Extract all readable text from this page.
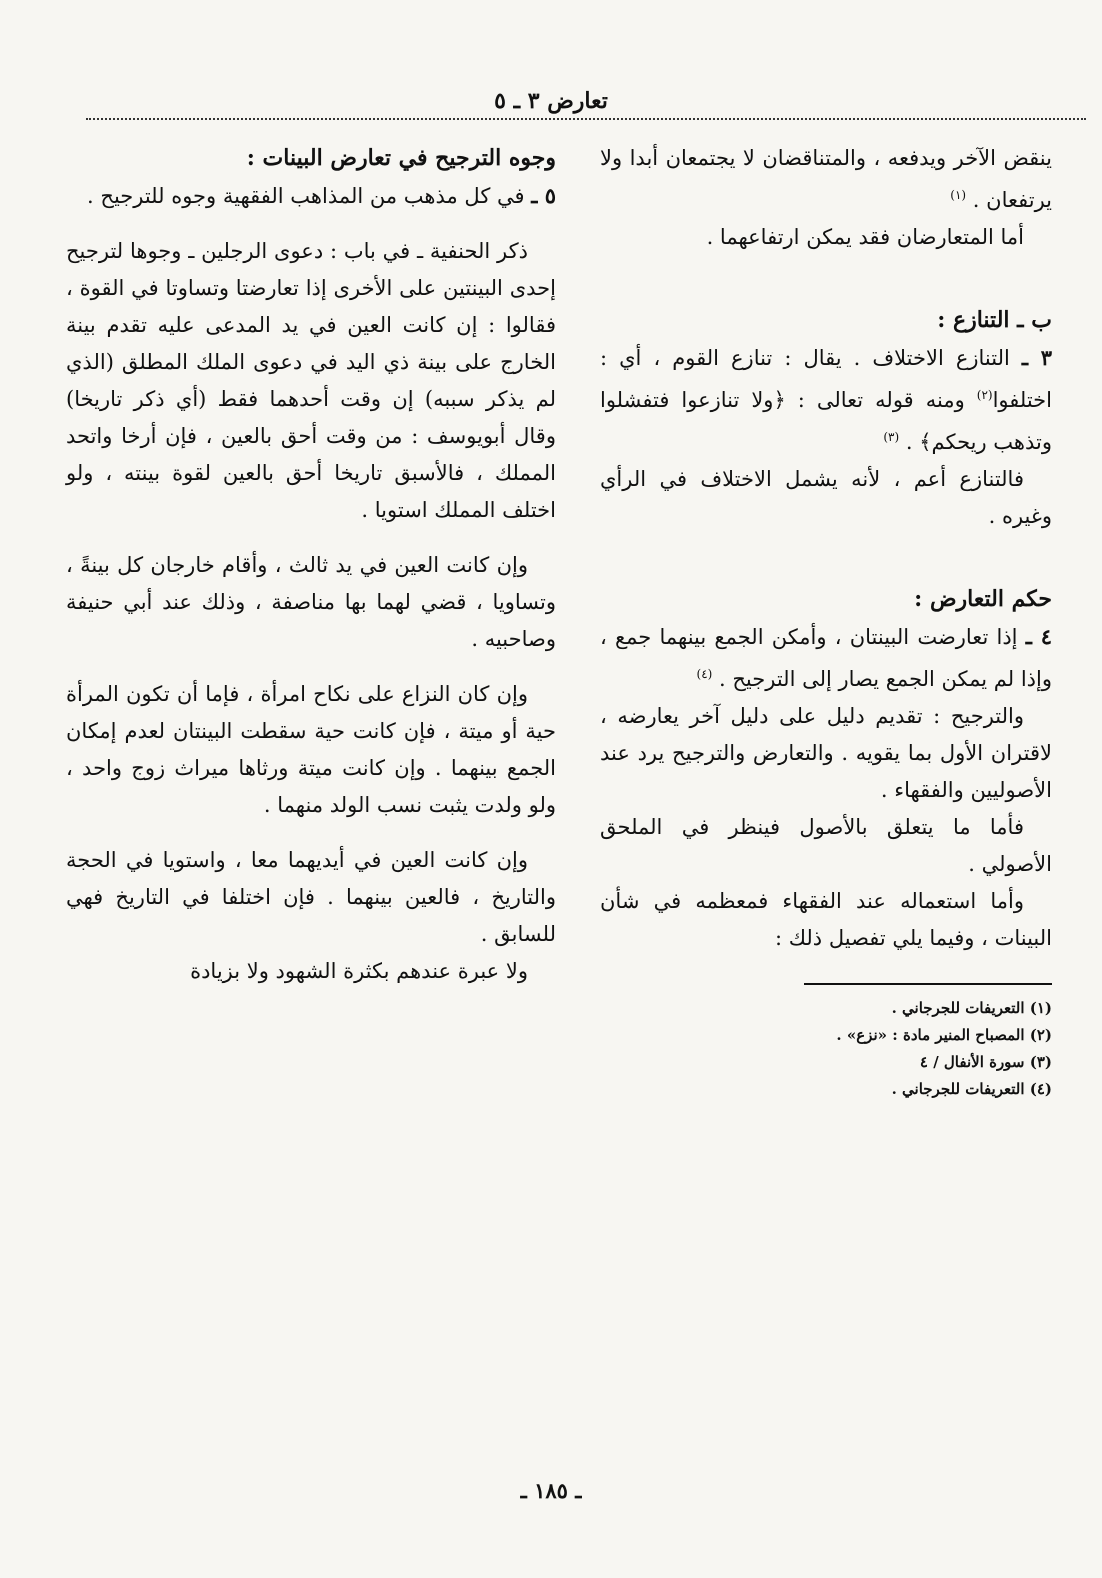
تعارض ٣ ـ ٥

ينقض الآخر ويدفعه ، والمتناقضان لا يجتمعان أبدا ولا يرتفعان . $^{(١)}$

أما المتعارضان فقد يمكن ارتفاعهما .

ب ـ التنازع :

٣ ـ التنازع الاختلاف . يقال : تنازع القوم ، أي : اختلفوا$^{(٢)}$ ومنه قوله تعالى : ﴿ولا تنازعوا فتفشلوا وتذهب ريحكم﴾ . $^{(٣)}$

فالتنازع أعم ، لأنه يشمل الاختلاف في الرأي وغيره .

حكم التعارض :

٤ ـ إذا تعارضت البينتان ، وأمكن الجمع بينهما جمع ، وإذا لم يمكن الجمع يصار إلى الترجيح . $^{(٤)}$

والترجيح : تقديم دليل على دليل آخر يعارضه ، لاقتران الأول بما يقويه . والتعارض والترجيح يرد عند الأصوليين والفقهاء .

فأما ما يتعلق بالأصول فينظر في الملحق الأصولي .

وأما استعماله عند الفقهاء فمعظمه في شأن البينات ، وفيما يلي تفصيل ذلك :

(١) التعريفات للجرجاني .

(٢) المصباح المنير مادة : «نزع» .

(٣) سورة الأنفال / ٤

(٤) التعريفات للجرجاني .

وجوه الترجيح في تعارض البينات :

٥ ـ في كل مذهب من المذاهب الفقهية وجوه للترجيح .

ذكر الحنفية ـ في باب : دعوى الرجلين ـ وجوها لترجيح إحدى البينتين على الأخرى إذا تعارضتا وتساوتا في القوة ، فقالوا : إن كانت العين في يد المدعى عليه تقدم بينة الخارج على بينة ذي اليد في دعوى الملك المطلق (الذي لم يذكر سببه) إن وقت أحدهما فقط (أي ذكر تاريخا) وقال أبويوسف : من وقت أحق بالعين ، فإن أرخا واتحد المملك ، فالأسبق تاريخا أحق بالعين لقوة بينته ، ولو اختلف المملك استويا .

وإن كانت العين في يد ثالث ، وأقام خارجان كل بينةً ، وتساويا ، قضي لهما بها مناصفة ، وذلك عند أبي حنيفة وصاحبيه .

وإن كان النزاع على نكاح امرأة ، فإما أن تكون المرأة حية أو ميتة ، فإن كانت حية سقطت البينتان لعدم إمكان الجمع بينهما . وإن كانت ميتة ورثاها ميراث زوج واحد ، ولو ولدت يثبت نسب الولد منهما .

وإن كانت العين في أيديهما معا ، واستويا في الحجة والتاريخ ، فالعين بينهما . فإن اختلفا في التاريخ فهي للسابق .

ولا عبرة عندهم بكثرة الشهود ولا بزيادة

ـ ١٨٥ ـ
